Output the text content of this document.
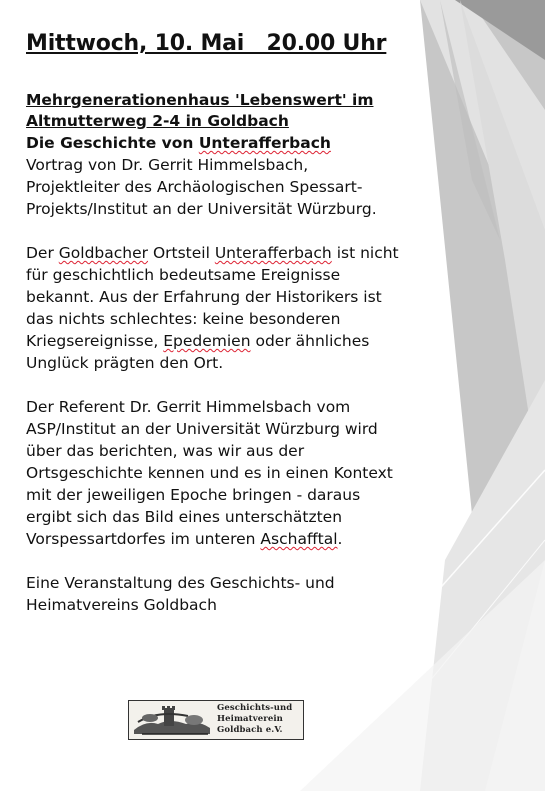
Mittwoch, 10. Mai   20.00 Uhr
Mehrgenerationenhaus 'Lebenswert' im
Altmutterweg 2-4 in Goldbach
Die Geschichte von Unterafferbach
Vortrag von Dr. Gerrit Himmelsbach,
Projektleiter des Archäologischen Spessart-
Projekts/Institut an der Universität Würzburg.
Der Goldbacher Ortsteil Unterafferbach ist nicht
für geschichtlich bedeutsame Ereignisse
bekannt. Aus der Erfahrung der Historikers ist
das nichts schlechtes: keine besonderen
Kriegsereignisse, Epedemien oder ähnliches
Unglück prägten den Ort.
Der Referent Dr. Gerrit Himmelsbach vom
ASP/Institut an der Universität Würzburg wird
über das berichten, was wir aus der
Ortsgeschichte kennen und es in einen Kontext
mit der jeweiligen Epoche bringen - daraus
ergibt sich das Bild eines unterschätzten
Vorspessartdorfes im unteren Aschafftal.
Eine Veranstaltung des Geschichts- und
Heimatvereins Goldbach
Geschichts-und
Heimatverein
Goldbach e.V.
